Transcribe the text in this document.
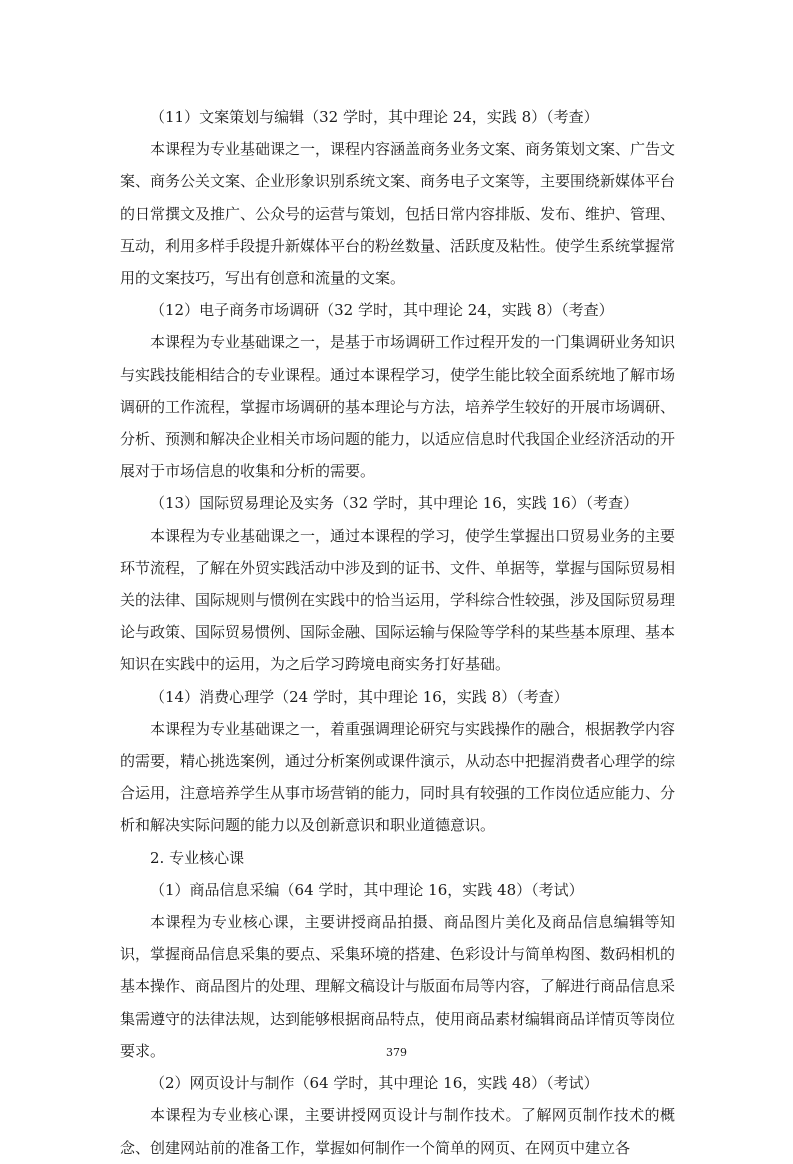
（11）文案策划与编辑（32 学时，其中理论 24，实践 8）（考查）

本课程为专业基础课之一，课程内容涵盖商务业务文案、商务策划文案、广告文案、商务公关文案、企业形象识别系统文案、商务电子文案等，主要围绕新媒体平台的日常撰文及推广、公众号的运营与策划，包括日常内容排版、发布、维护、管理、互动，利用多样手段提升新媒体平台的粉丝数量、活跃度及粘性。使学生系统掌握常用的文案技巧，写出有创意和流量的文案。

（12）电子商务市场调研（32 学时，其中理论 24，实践 8）（考查）

本课程为专业基础课之一，是基于市场调研工作过程开发的一门集调研业务知识与实践技能相结合的专业课程。通过本课程学习，使学生能比较全面系统地了解市场调研的工作流程，掌握市场调研的基本理论与方法，培养学生较好的开展市场调研、分析、预测和解决企业相关市场问题的能力，以适应信息时代我国企业经济活动的开展对于市场信息的收集和分析的需要。

（13）国际贸易理论及实务（32 学时，其中理论 16，实践 16）（考查）

本课程为专业基础课之一，通过本课程的学习，使学生掌握出口贸易业务的主要环节流程，了解在外贸实践活动中涉及到的证书、文件、单据等，掌握与国际贸易相关的法律、国际规则与惯例在实践中的恰当运用，学科综合性较强，涉及国际贸易理论与政策、国际贸易惯例、国际金融、国际运输与保险等学科的某些基本原理、基本知识在实践中的运用，为之后学习跨境电商实务打好基础。

（14）消费心理学（24 学时，其中理论 16，实践 8）（考查）

本课程为专业基础课之一，着重强调理论研究与实践操作的融合，根据教学内容的需要，精心挑选案例，通过分析案例或课件演示，从动态中把握消费者心理学的综合运用，注意培养学生从事市场营销的能力，同时具有较强的工作岗位适应能力、分析和解决实际问题的能力以及创新意识和职业道德意识。

2. 专业核心课

（1）商品信息采编（64 学时，其中理论 16，实践 48）（考试）

本课程为专业核心课，主要讲授商品拍摄、商品图片美化及商品信息编辑等知识，掌握商品信息采集的要点、采集环境的搭建、色彩设计与简单构图、数码相机的基本操作、商品图片的处理、理解文稿设计与版面布局等内容，了解进行商品信息采集需遵守的法律法规，达到能够根据商品特点，使用商品素材编辑商品详情页等岗位要求。

（2）网页设计与制作（64 学时，其中理论 16，实践 48）（考试）

本课程为专业核心课，主要讲授网页设计与制作技术。了解网页制作技术的概念、创建网站前的准备工作，掌握如何制作一个简单的网页、在网页中建立各

379
